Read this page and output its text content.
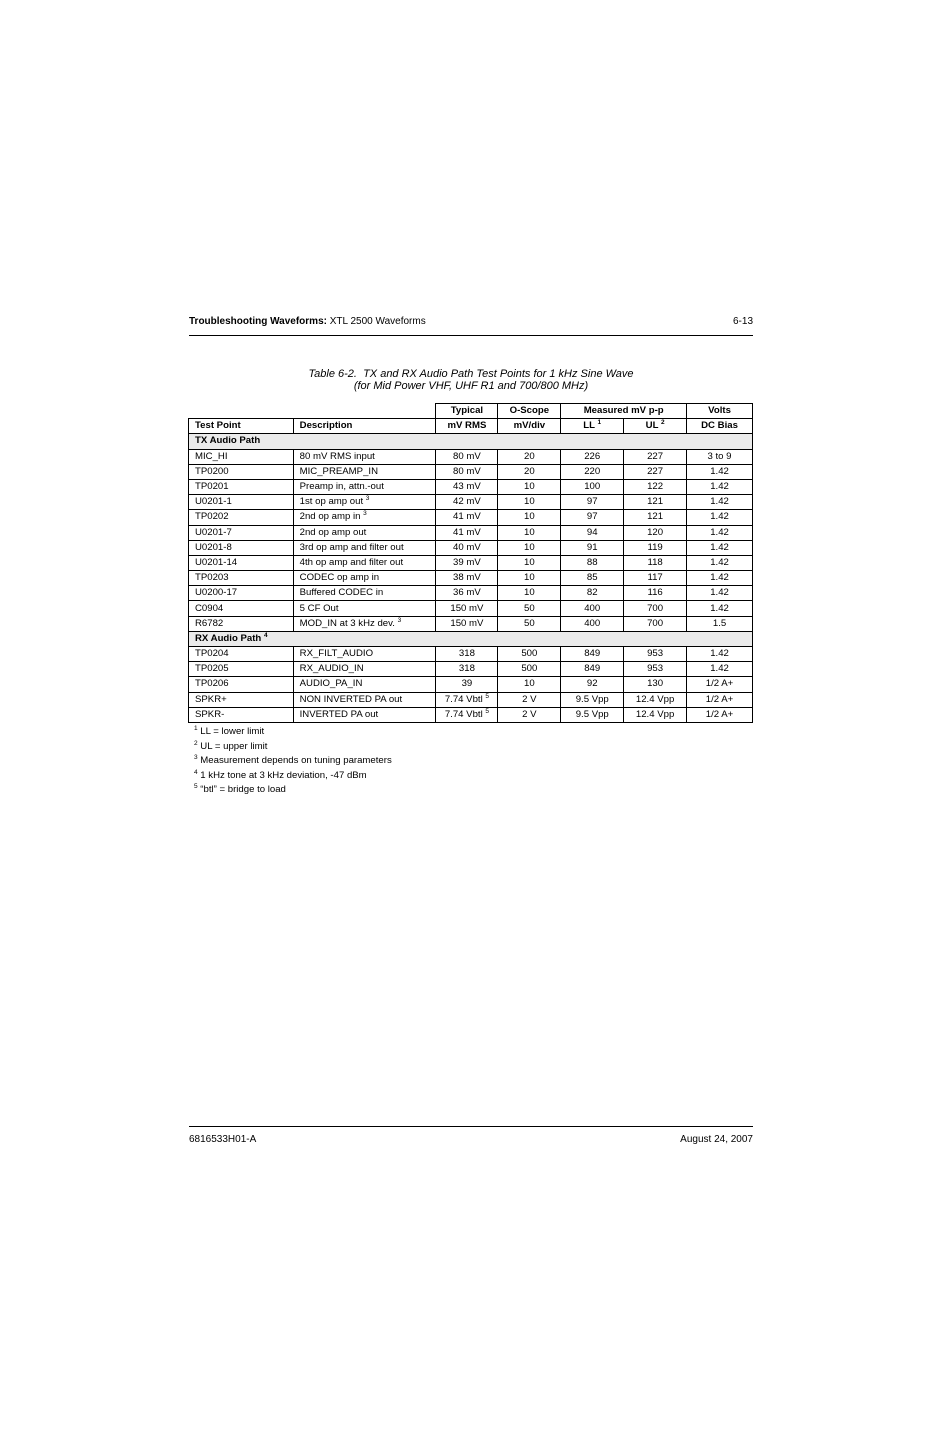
Troubleshooting Waveforms: XTL 2500 Waveforms	6-13
Table 6-2.  TX and RX Audio Path Test Points for 1 kHz Sine Wave
(for Mid Power VHF, UHF R1 and 700/800 MHz)
		Typical	O-Scope	Measured mV p-p		Volts
Test Point	Description	mV RMS	mV/div	LL $^1$	UL $^2$	DC Bias
TX Audio Path						
MIC_HI	80 mV RMS input	80 mV	20	226	227	3 to 9
TP0200	MIC_PREAMP_IN	80 mV	20	220	227	1.42
TP0201	Preamp in, attn.-out	43 mV	10	100	122	1.42
U0201-1	1st op amp out $^3$	42 mV	10	97	121	1.42
TP0202	2nd op amp in $^3$	41 mV	10	97	121	1.42
U0201-7	2nd op amp out	41 mV	10	94	120	1.42
U0201-8	3rd op amp and filter out	40 mV	10	91	119	1.42
U0201-14	4th op amp and filter out	39 mV	10	88	118	1.42
TP0203	CODEC op amp in	38 mV	10	85	117	1.42
U0200-17	Buffered CODEC in	36 mV	10	82	116	1.42
C0904	5 CF Out	150 mV	50	400	700	1.42
R6782	MOD_IN at 3 kHz dev. $^3$	150 mV	50	400	700	1.5
RX Audio Path $^4$
TP0204	RX_FILT_AUDIO	318	500	849	953	1.42
TP0205	RX_AUDIO_IN	318	500	849	953	1.42
TP0206	AUDIO_PA_IN	39	10	92	130	1/2 A+
SPKR+	NON INVERTED PA out	7.74 Vbtl $^5$	2 V	9.5 Vpp	12.4 Vpp	1/2 A+
SPKR-	INVERTED PA out	7.74 Vbtl $^5$	2 V	9.5 Vpp	12.4 Vpp	1/2 A+
$^1$ LL = lower limit
$^2$ UL = upper limit
$^3$ Measurement depends on tuning parameters
$^4$ 1 kHz tone at 3 kHz deviation, -47 dBm
$^5$ “btl” = bridge to load
6816533H01-A	August 24, 2007
